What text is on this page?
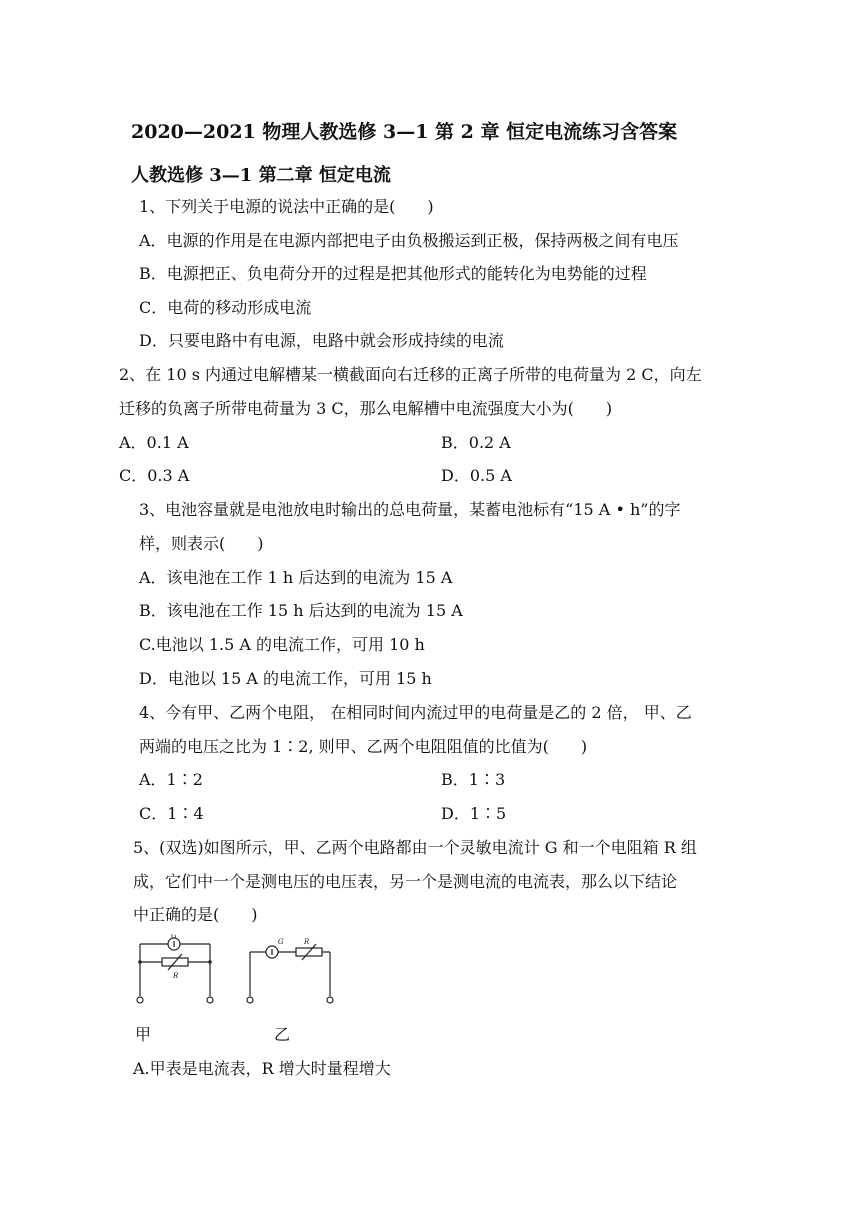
2020—2021 物理人教选修 3—1 第 2 章 恒定电流练习含答案
人教选修 3—1 第二章 恒定电流
1、下列关于电源的说法中正确的是(　　)
A．电源的作用是在电源内部把电子由负极搬运到正极，保持两极之间有电压
B．电源把正、负电荷分开的过程是把其他形式的能转化为电势能的过程
C．电荷的移动形成电流
D．只要电路中有电源，电路中就会形成持续的电流
2、在 10 s 内通过电解槽某一横截面向右迁移的正离子所带的电荷量为 2 C，向左
迁移的负离子所带电荷量为 3 C，那么电解槽中电流强度大小为(　　)
A．0.1 A	B．0.2 A
C．0.3 A	D．0.5 A
3、电池容量就是电池放电时输出的总电荷量，某蓄电池标有“15 A • h”的字
样，则表示(　　)
A．该电池在工作 1 h 后达到的电流为 15 A
B．该电池在工作 15 h 后达到的电流为 15 A
C.电池以 1.5 A 的电流工作，可用 10 h
D．电池以 15 A 的电流工作，可用 15 h
4、今有甲、乙两个电阻， 在相同时间内流过甲的电荷量是乙的 2 倍， 甲、乙
两端的电压之比为 1∶2, 则甲、乙两个电阻阻值的比值为(　　)
A．1∶2	B．1∶3
C．1∶4	D．1∶5
5、(双选)如图所示，甲、乙两个电路都由一个灵敏电流计 G 和一个电阻箱 R 组
成，它们中一个是测电压的电压表，另一个是测电流的电流表，那么以下结论
中正确的是(　　)
G
R
G	R
甲	乙
A.甲表是电流表，R 增大时量程增大
